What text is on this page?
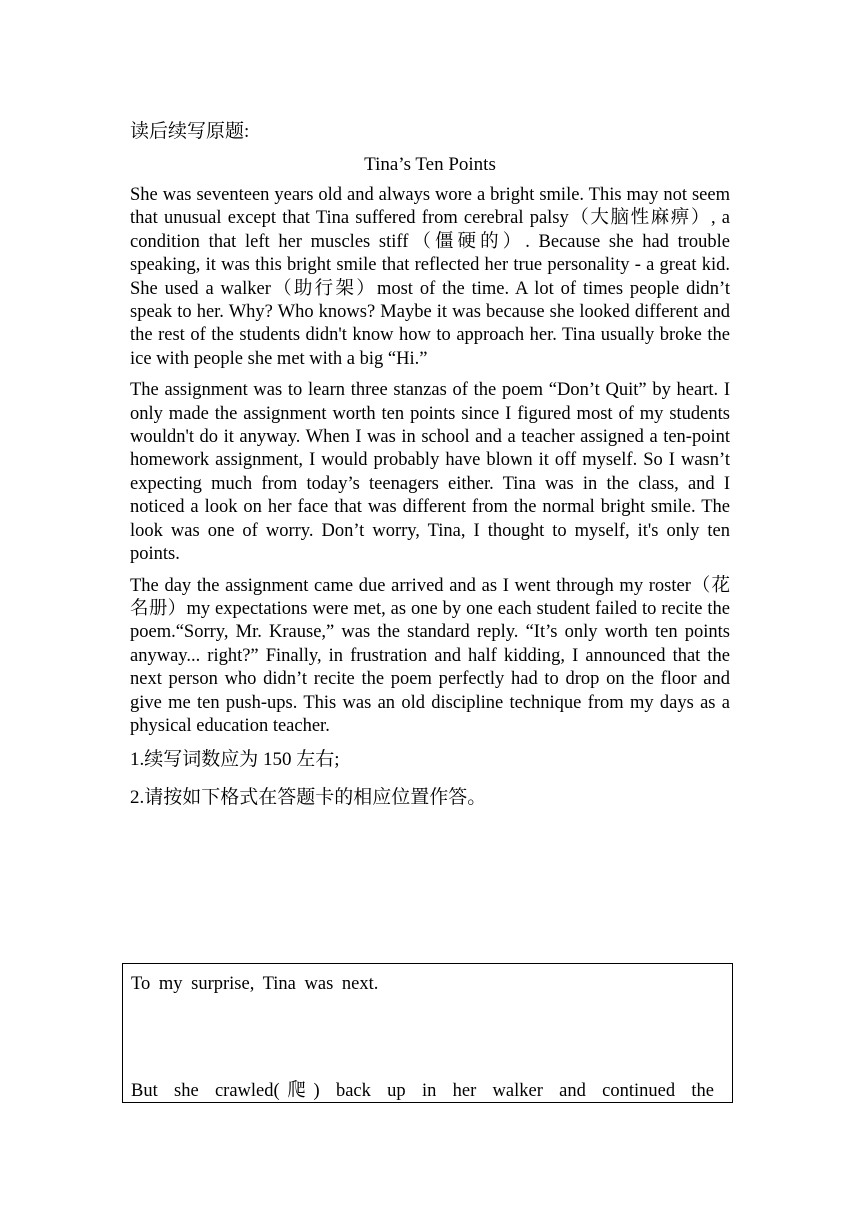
读后续写原题:
Tina’s Ten Points

She was seventeen years old and always wore a bright smile. This may not seem that unusual except that Tina suffered from cerebral palsy（大脑性麻痹）, a condition that left her muscles stiff（僵硬的）. Because she had trouble speaking, it was this bright smile that reflected her true personality - a great kid. She used a walker（助行架）most of the time. A lot of times people didn’t speak to her. Why? Who knows? Maybe it was because she looked different and the rest of the students didn't know how to approach her. Tina usually broke the ice with people she met with a big “Hi.”

The assignment was to learn three stanzas of the poem “Don’t Quit” by heart. I only made the assignment worth ten points since I figured most of my students wouldn't do it anyway. When I was in school and a teacher assigned a ten-point homework assignment, I would probably have blown it off myself. So I wasn’t expecting much from today’s teenagers either. Tina was in the class, and I noticed a look on her face that was different from the normal bright smile. The look was one of worry. Don’t worry, Tina, I thought to myself, it's only ten points.

The day the assignment came due arrived and as I went through my roster（花名册）my expectations were met, as one by one each student failed to recite the poem.“Sorry, Mr. Krause,” was the standard reply. “It’s only worth ten points anyway... right?” Finally, in frustration and half kidding, I announced that the next person who didn’t recite the poem perfectly had to drop on the floor and give me ten push-ups. This was an old discipline technique from my days as a physical education teacher.

1.续写词数应为 150 左右;
2.请按如下格式在答题卡的相应位置作答。
To my surprise, Tina was next.
But she crawled(爬) back up in her walker and continued the
